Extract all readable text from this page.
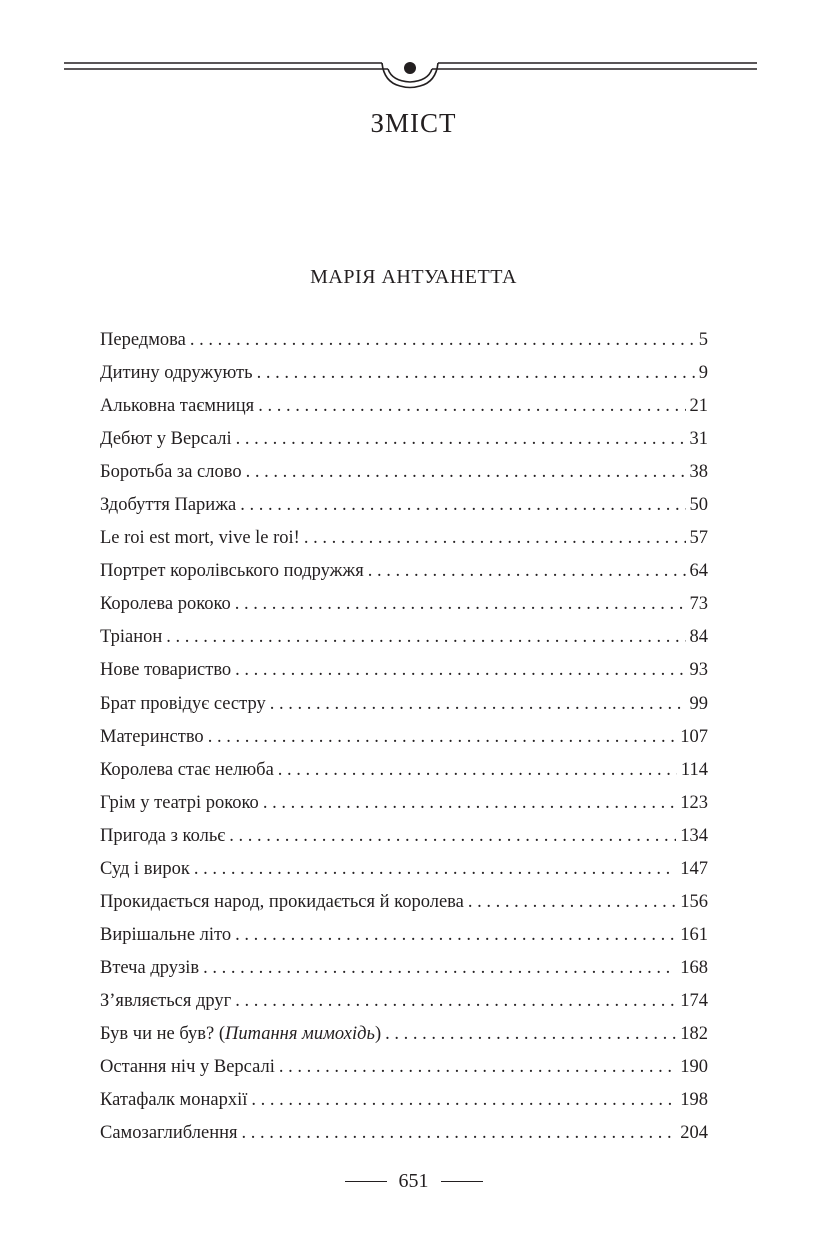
ЗМІСТ
МАРІЯ АНТУАНЕТТА
Передмова . . .	5
Дитину одружують . . .	9
Альковна таємниця . . .	21
Дебют у Версалі . . .	31
Боротьба за слово . . .	38
Здобуття Парижа . . .	50
Le roi est mort, vive le roi! . . .	57
Портрет королівського подружжя . . .	64
Королева рококо . . .	73
Тріанон . . .	84
Нове товариство . . .	93
Брат провідує сестру . . .	99
Материнство . . .	107
Королева стає нелюба . . .	114
Грім у театрі рококо . . .	123
Пригода з кольє . . .	134
Суд і вирок . . .	147
Прокидається народ, прокидається й королева . . .	156
Вирішальне літо . . .	161
Втеча друзів . . .	168
З’являється друг . . .	174
Був чи не був? (Питання мимохідь) . . .	182
Остання ніч у Версалі . . .	190
Катафалк монархії . . .	198
Самозаглиблення . . .	204
651
